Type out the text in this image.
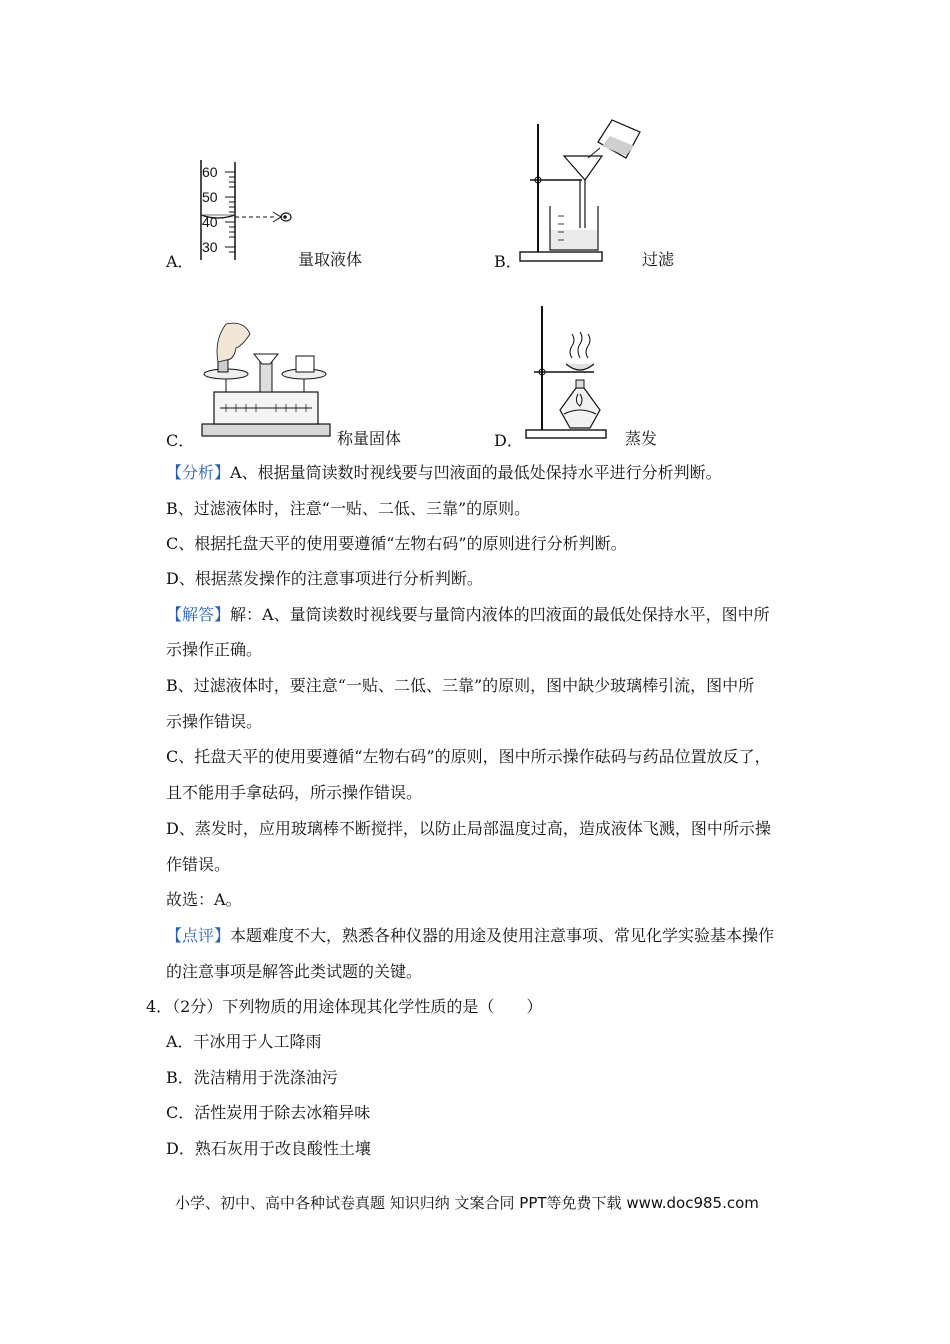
60
50
40
30
A．	量取液体	B．	过滤
C．	称量固体	D．	蒸发
【分析】A、根据量筒读数时视线要与凹液面的最低处保持水平进行分析判断。
B、过滤液体时，注意“一贴、二低、三靠”的原则。
C、根据托盘天平的使用要遵循“左物右码”的原则进行分析判断。
D、根据蒸发操作的注意事项进行分析判断。
【解答】解：A、量筒读数时视线要与量筒内液体的凹液面的最低处保持水平，图中所
示操作正确。
B、过滤液体时，要注意“一贴、二低、三靠”的原则，图中缺少玻璃棒引流，图中所
示操作错误。
C、托盘天平的使用要遵循“左物右码”的原则，图中所示操作砝码与药品位置放反了，
且不能用手拿砝码，所示操作错误。
D、蒸发时，应用玻璃棒不断搅拌，以防止局部温度过高，造成液体飞溅，图中所示操
作错误。
故选：A。
【点评】本题难度不大，熟悉各种仪器的用途及使用注意事项、常见化学实验基本操作
的注意事项是解答此类试题的关键。
4．（2分）下列物质的用途体现其化学性质的是（　　）
A．干冰用于人工降雨
B．洗洁精用于洗涤油污
C．活性炭用于除去冰箱异味
D．熟石灰用于改良酸性土壤
小学、初中、高中各种试卷真题 知识归纳 文案合同 PPT等免费下载 www.doc985.com
